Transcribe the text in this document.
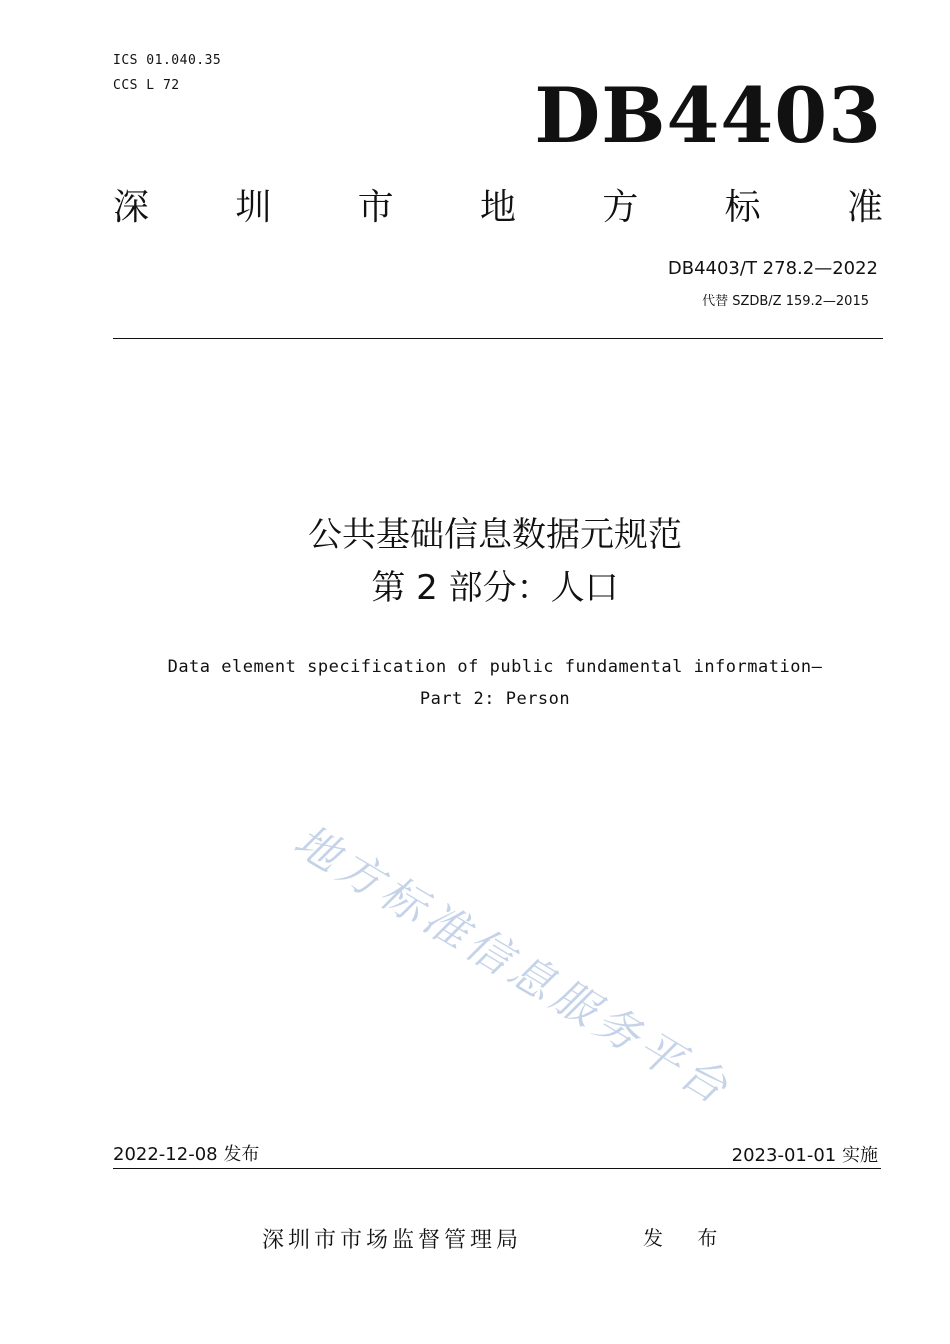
ICS 01.040.35
CCS L 72	DB4403
深 圳 市 地 方 标 准
DB4403/T 278.2—2022
代替 SZDB/Z 159.2—2015
公共基础信息数据元规范
第 2 部分：人口
Data element specification of public fundamental information—
Part 2: Person
地方标准信息服务平台
2022-12-08 发布	2023-01-01 实施
深圳市市场监督管理局	发 布
